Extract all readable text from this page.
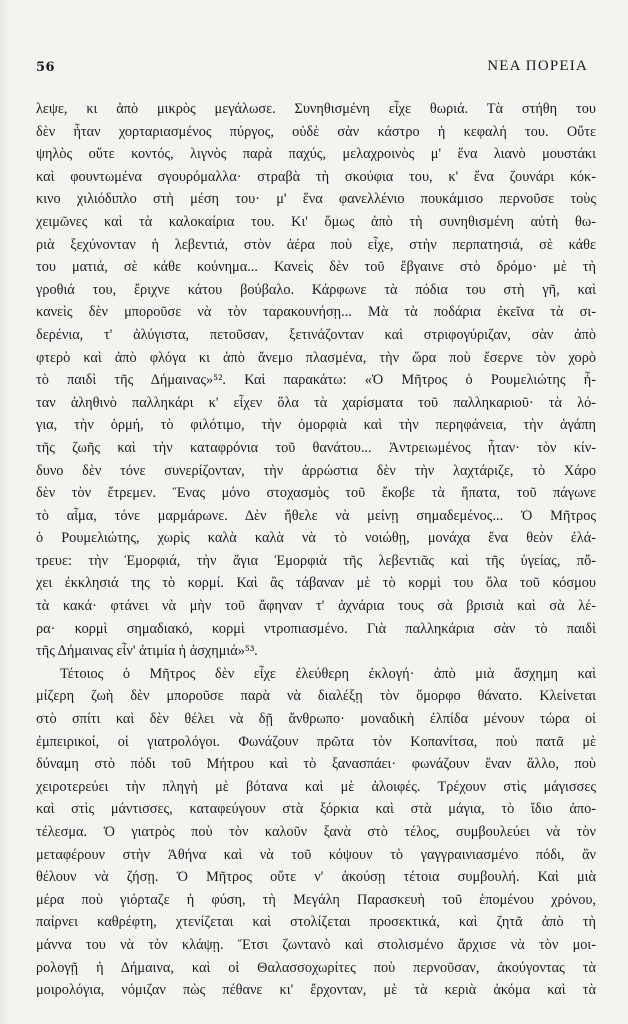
56	ΝΕΑ ΠΟΡΕΙΑ
λεψε, κι ἀπὸ μικρὸς μεγάλωσε. Συνηθισμένη εἶχε θωριά. Τὰ στήθη του
δὲν ἦταν χορταριασμένος πύργος, οὐδὲ σὰν κάστρο ἡ κεφαλή του. Οὔτε
ψηλὸς οὔτε κοντός, λιγνὸς παρὰ παχύς, μελαχροινὸς μ' ἕνα λιανὸ μουστάκι
καὶ φουντωμένα σγουρόμαλλα· στραβὰ τὴ σκούφια του, κ' ἕνα ζουνάρι κόκ-
κινο χιλιόδιπλο στὴ μέση του· μ' ἕνα φανελλένιο πουκάμισο περνοῦσε τοὺς
χειμῶνες καὶ τὰ καλοκαίρια του. Κι' ὅμως ἀπὸ τὴ συνηθισμένη αὐτὴ θω-
ριὰ ξεχύνονταν ἡ λεβεντιά, στὸν ἀέρα ποὺ εἶχε, στὴν περπατησιά, σὲ κάθε
του ματιά, σὲ κάθε κούνημα... Κανεὶς δὲν τοῦ ἔβγαινε στὸ δρόμο· μὲ τὴ
γροθιά του, ἔριχνε κάτου βούβαλο. Κάρφωνε τὰ πόδια του στὴ γῆ, καὶ
κανεὶς δὲν μποροῦσε νὰ τὸν ταρακουνήσῃ... Μὰ τὰ ποδάρια ἐκεῖνα τὰ σι-
δερένια, τ' ἀλύγιστα, πετοῦσαν, ξετινάζονταν καὶ στριφογύριζαν, σὰν ἀπὸ
φτερὸ καὶ ἀπὸ φλόγα κι ἀπὸ ἄνεμο πλασμένα, τὴν ὥρα ποὺ ἔσερνε τὸν χορὸ
τὸ παιδὶ τῆς Δήμαινας»⁵². Καὶ παρακάτω: «Ὁ Μῆτρος ὁ Ρουμελιώτης ἦ-
ταν ἀληθινὸ παλληκάρι κ' εἶχεν ὅλα τὰ χαρίσματα τοῦ παλληκαριοῦ· τὰ λό-
για, τὴν ὁρμή, τὸ φιλότιμο, τὴν ὀμορφιὰ καὶ τὴν περηφάνεια, τὴν ἀγάπη
τῆς ζωῆς καὶ τὴν καταφρόνια τοῦ θανάτου... Ἀντρειωμένος ἦταν· τὸν κίν-
δυνο δὲν τόνε συνερίζονταν, τὴν ἀρρώστια δὲν τὴν λαχτάριζε, τὸ Χάρο
δὲν τὸν ἔτρεμεν. Ἕνας μόνο στοχασμὸς τοῦ ἔκοβε τὰ ἥπατα, τοῦ πάγωνε
τὸ αἷμα, τόνε μαρμάρωνε. Δὲν ἤθελε νὰ μείνῃ σημαδεμένος... Ὁ Μῆτρος
ὁ Ρουμελιώτης, χωρὶς καλὰ καλὰ νὰ τὸ νοιώθῃ, μονάχα ἕνα θεὸν ἐλά-
τρευε: τὴν Ἐμορφιά, τὴν ἅγια Ἐμορφιὰ τῆς λεβεντιᾶς καὶ τῆς ὑγείας, πὄ-
χει ἐκκλησιά της τὸ κορμί. Καὶ ἂς τάβαναν μὲ τὸ κορμὶ του ὅλα τοῦ κόσμου
τὰ κακά· φτάνει νὰ μὴν τοῦ ἄφηναν τ' ἀχνάρια τους σὰ βρισιὰ καὶ σὰ λέ-
ρα· κορμὶ σημαδιακό, κορμὶ ντροπιασμένο. Γιὰ παλληκάρια σὰν τὸ παιδὶ
τῆς Δήμαινας εἶν' ἀτιμία ἡ ἀσχημιά»⁵³.
Τέτοιος ὁ Μῆτρος δὲν εἶχε ἐλεύθερη ἐκλογή· ἀπὸ μιὰ ἄσχημη καὶ
μίζερη ζωὴ δὲν μποροῦσε παρὰ νὰ διαλέξῃ τὸν ὄμορφο θάνατο. Κλείνεται
στὸ σπίτι καὶ δὲν θέλει νὰ δῇ ἄνθρωπο· μοναδικὴ ἐλπίδα μένουν τώρα οἱ
ἐμπειρικοί, οἱ γιατρολόγοι. Φωνάζουν πρῶτα τὸν Κοπανίτσα, ποὺ πατᾶ μὲ
δύναμη στὸ πόδι τοῦ Μήτρου καὶ τὸ ξανασπάει· φωνάζουν ἕναν ἄλλο, ποὺ
χειροτερεύει τὴν πληγὴ μὲ βότανα καὶ μὲ ἀλοιφές. Τρέχουν στὶς μάγισσες
καὶ στὶς μάντισσες, καταφεύγουν στὰ ξόρκια καὶ στὰ μάγια, τὸ ἴδιο ἀπο-
τέλεσμα. Ὁ γιατρὸς ποὺ τὸν καλοῦν ξανὰ στὸ τέλος, συμβουλεύει νὰ τὸν
μεταφέρουν στὴν Ἀθήνα καὶ νὰ τοῦ κόψουν τὸ γαγγραινιασμένο πόδι, ἂν
θέλουν νὰ ζήσῃ. Ὁ Μῆτρος οὔτε ν' ἀκούσῃ τέτοια συμβουλή. Καὶ μιὰ
μέρα ποὺ γιόρταζε ἡ φύση, τὴ Μεγάλη Παρασκευὴ τοῦ ἑπομένου χρόνου,
παίρνει καθρέφτη, χτενίζεται καὶ στολίζεται προσεκτικά, καὶ ζητᾶ ἀπὸ τὴ
μάννα του νὰ τὸν κλάψῃ. Ἔτσι ζωντανὸ καὶ στολισμένο ἄρχισε νὰ τὸν μοι-
ρολογῇ ἡ Δήμαινα, καὶ οἱ Θαλασσοχωρίτες ποὺ περνοῦσαν, ἀκούγοντας τὰ
μοιρολόγια, νόμιζαν πὼς πέθανε κι' ἔρχονταν, μὲ τὰ κεριὰ ἀκόμα καὶ τὰ
